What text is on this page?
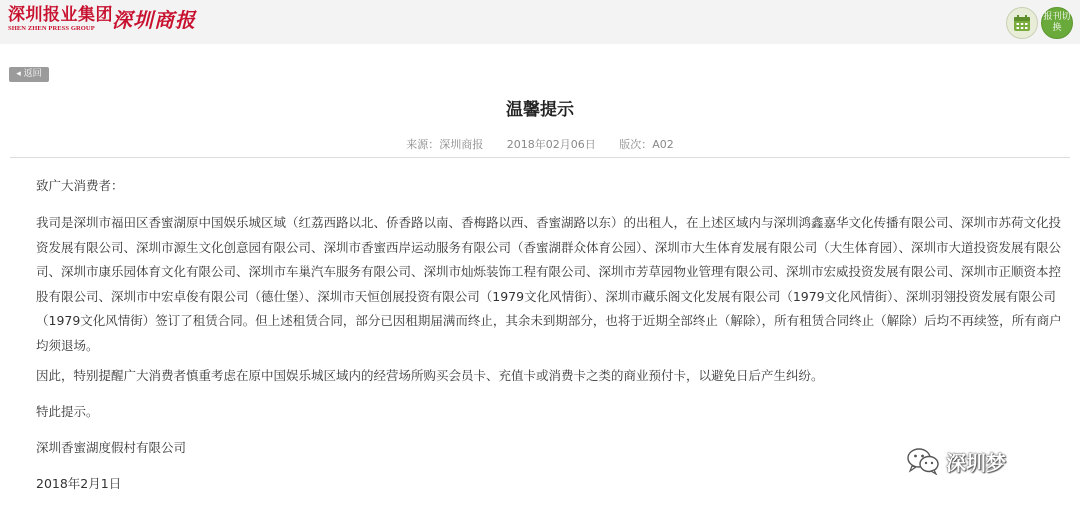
深圳报业集团
SHEN ZHEN PRESS GROUP 深圳商报	报刊切换
◂ 返回
温馨提示
来源：深圳商报 2018年02月06日 版次：A02
致广大消费者：
我司是深圳市福田区香蜜湖原中国娱乐城区域（红荔西路以北、侨香路以南、香梅路以西、香蜜湖路以东）的出租人，在上述区域内与深圳鸿鑫嘉华文化传播有限公司、深圳市苏荷文化投资发展有限公司、深圳市源生文化创意园有限公司、深圳市香蜜西岸运动服务有限公司（香蜜湖群众体育公园）、深圳市大生体育发展有限公司（大生体育园）、深圳市大道投资发展有限公司、深圳市康乐园体育文化有限公司、深圳市车巢汽车服务有限公司、深圳市灿烁装饰工程有限公司、深圳市芳草园物业管理有限公司、深圳市宏威投资发展有限公司、深圳市正顺资本控股有限公司、深圳市中宏卓俊有限公司（德仕堡）、深圳市天恒创展投资有限公司（1979文化风情街）、深圳市藏乐阁文化发展有限公司（1979文化风情街）、深圳羽翎投资发展有限公司（1979文化风情街）签订了租赁合同。但上述租赁合同，部分已因租期届满而终止，其余未到期部分，也将于近期全部终止（解除），所有租赁合同终止（解除）后均不再续签，所有商户均须退场。
因此，特别提醒广大消费者慎重考虑在原中国娱乐城区域内的经营场所购买会员卡、充值卡或消费卡之类的商业预付卡，以避免日后产生纠纷。
特此提示。
深圳香蜜湖度假村有限公司
2018年2月1日
深圳梦
